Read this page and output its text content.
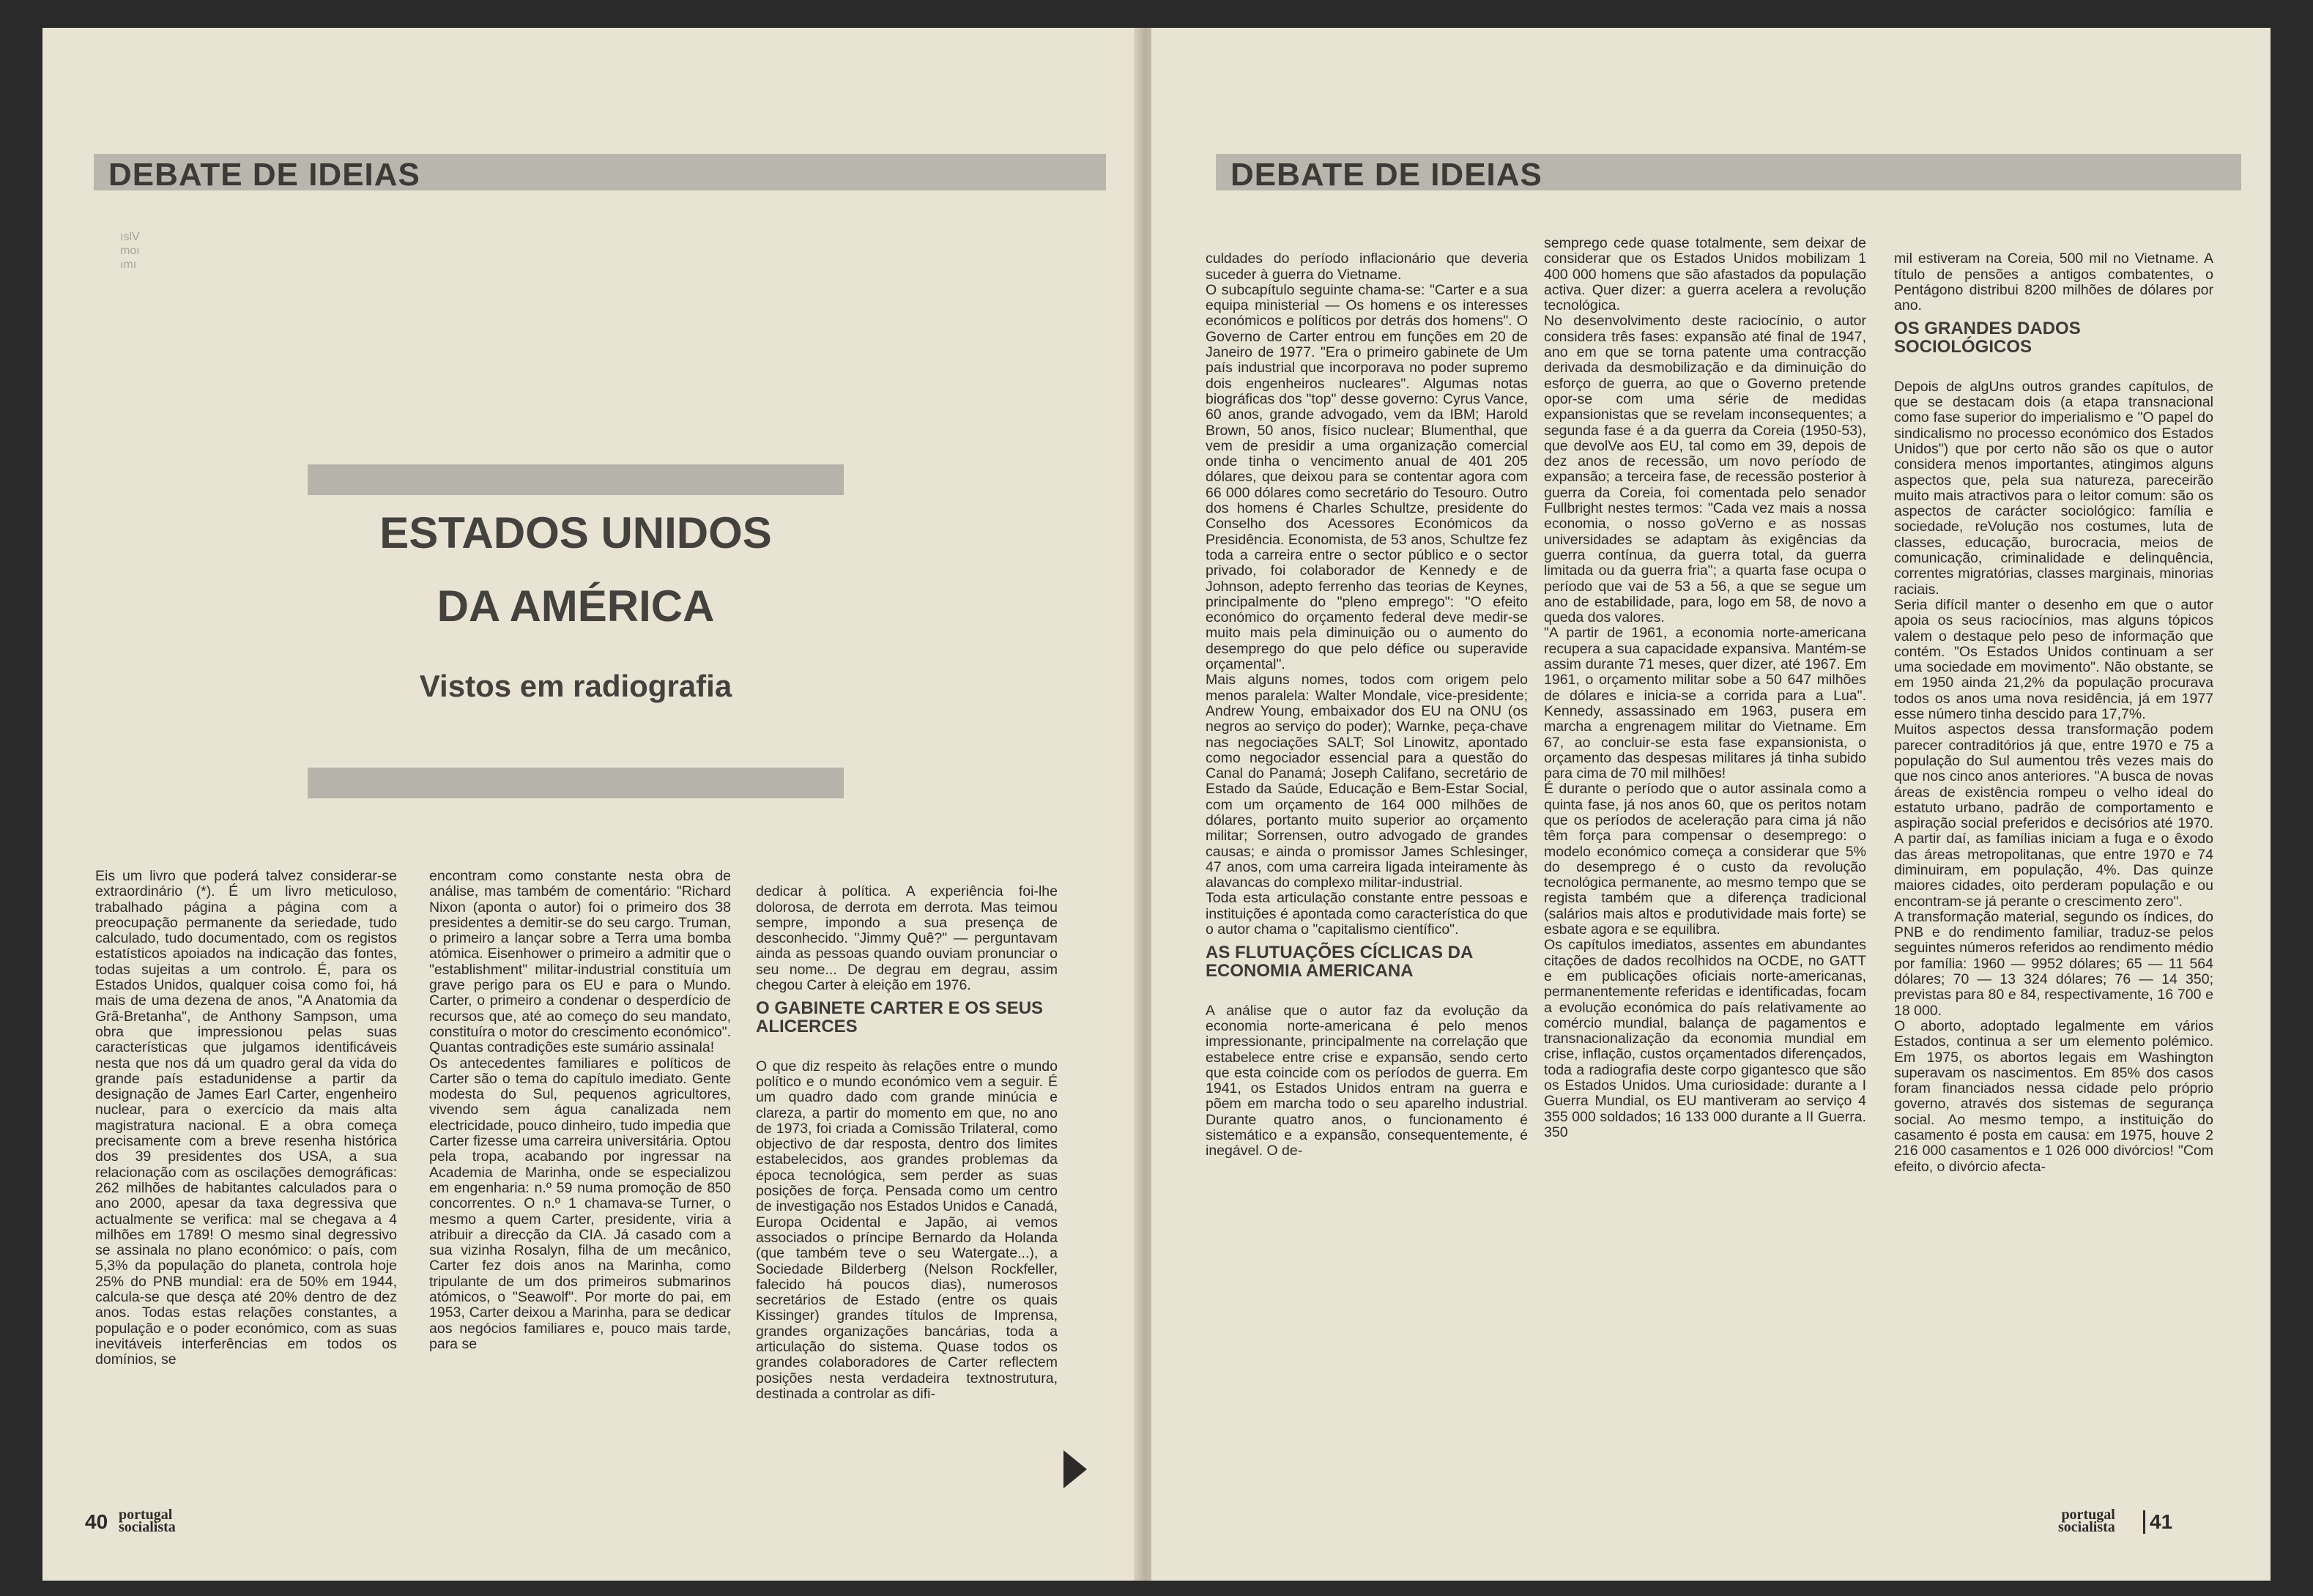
DEBATE DE IDEIAS
ıslV
moı
ımı
ESTADOS UNIDOS
DA AMÉRICA
Vistos em radiografia
Eis um livro que poderá talvez considerar-se extraordinário (*). É um livro meticuloso, trabalhado página a página com a preocupação permanente da seriedade, tudo calculado, tudo documentado, com os registos estatísticos apoiados na indicação das fontes, todas sujeitas a um controlo. É, para os Estados Unidos, qualquer coisa como foi, há mais de uma dezena de anos, "A Anatomia da Grã-Bretanha", de Anthony Sampson, uma obra que impressionou pelas suas características que julgamos identificáveis nesta que nos dá um quadro geral da vida do grande país estadunidense a partir da designação de James Earl Carter, engenheiro nuclear, para o exercício da mais alta magistratura nacional. E a obra começa precisamente com a breve resenha histórica dos 39 presidentes dos USA, a sua relacionação com as oscilações demográficas: 262 milhões de habitantes calculados para o ano 2000, apesar da taxa degressiva que actualmente se verifica: mal se chegava a 4 milhões em 1789! O mesmo sinal degressivo se assinala no plano económico: o país, com 5,3% da população do planeta, controla hoje 25% do PNB mundial: era de 50% em 1944, calcula-se que desça até 20% dentro de dez anos. Todas estas relações constantes, a população e o poder económico, com as suas inevitáveis interferências em todos os domínios, se
encontram como constante nesta obra de análise, mas também de comentário: "Richard Nixon (aponta o autor) foi o primeiro dos 38 presidentes a demitir-se do seu cargo. Truman, o primeiro a lançar sobre a Terra uma bomba atómica. Eisenhower o primeiro a admitir que o "establishment" militar-industrial constituía um grave perigo para os EU e para o Mundo. Carter, o primeiro a condenar o desperdício de recursos que, até ao começo do seu mandato, constituíra o motor do crescimento económico". Quantas contradições este sumário assinala!
Os antecedentes familiares e políticos de Carter são o tema do capítulo imediato. Gente modesta do Sul, pequenos agricultores, vivendo sem água canalizada nem electricidade, pouco dinheiro, tudo impedia que Carter fizesse uma carreira universitária. Optou pela tropa, acabando por ingressar na Academia de Marinha, onde se especializou em engenharia: n.º 59 numa promoção de 850 concorrentes. O n.º 1 chamava-se Turner, o mesmo a quem Carter, presidente, viria a atribuir a direcção da CIA. Já casado com a sua vizinha Rosalyn, filha de um mecânico, Carter fez dois anos na Marinha, como tripulante de um dos primeiros submarinos atómicos, o "Seawolf". Por morte do pai, em 1953, Carter deixou a Marinha, para se dedicar aos negócios familiares e, pouco mais tarde, para se

dedicar à política. A experiência foi-lhe dolorosa, de derrota em derrota. Mas teimou sempre, impondo a sua presença de desconhecido. "Jimmy Quê?" — perguntavam ainda as pessoas quando ouviam pronunciar o seu nome... De degrau em degrau, assim chegou Carter à eleição em 1976.

O GABINETE CARTER E OS SEUS ALICERCES

O que diz respeito às relações entre o mundo político e o mundo económico vem a seguir. É um quadro dado com grande minúcia e clareza, a partir do momento em que, no ano de 1973, foi criada a Comissão Trilateral, como objectivo de dar resposta, dentro dos limites estabelecidos, aos grandes problemas da época tecnológica, sem perder as suas posições de força. Pensada como um centro de investigação nos Estados Unidos e Canadá, Europa Ocidental e Japão, ai vemos associados o príncipe Bernardo da Holanda (que também teve o seu Watergate...), a Sociedade Bilderberg (Nelson Rockfeller, falecido há poucos dias), numerosos secretários de Estado (entre os quais Kissinger) grandes títulos de Imprensa, grandes organizações bancárias, toda a articulação do sistema. Quase todos os grandes colaboradores de Carter reflectem posições nesta verdadeira textnostrutura, destinada a controlar as difi-

40 portugal
socialista
DEBATE DE IDEIAS

culdades do período inflacionário que deveria suceder à guerra do Vietname.
O subcapítulo seguinte chama-se: "Carter e a sua equipa ministerial — Os homens e os interesses económicos e políticos por detrás dos homens". O Governo de Carter entrou em funções em 20 de Janeiro de 1977. "Era o primeiro gabinete de Um país industrial que incorporava no poder supremo dois engenheiros nucleares". Algumas notas biográficas dos "top" desse governo: Cyrus Vance, 60 anos, grande advogado, vem da IBM; Harold Brown, 50 anos, físico nuclear; Blumenthal, que vem de presidir a uma organização comercial onde tinha o vencimento anual de 401 205 dólares, que deixou para se contentar agora com 66 000 dólares como secretário do Tesouro. Outro dos homens é Charles Schultze, presidente do Conselho dos Acessores Económicos da Presidência. Economista, de 53 anos, Schultze fez toda a carreira entre o sector público e o sector privado, foi colaborador de Kennedy e de Johnson, adepto ferrenho das teorias de Keynes, principalmente do "pleno emprego": "O efeito económico do orçamento federal deve medir-se muito mais pela diminuição ou o aumento do desemprego do que pelo défice ou superavide orçamental".
Mais alguns nomes, todos com origem pelo menos paralela: Walter Mondale, vice-presidente; Andrew Young, embaixador dos EU na ONU (os negros ao serviço do poder); Warnke, peça-chave nas negociações SALT; Sol Linowitz, apontado como negociador essencial para a questão do Canal do Panamá; Joseph Califano, secretário de Estado da Saúde, Educação e Bem-Estar Social, com um orçamento de 164 000 milhões de dólares, portanto muito superior ao orçamento militar; Sorrensen, outro advogado de grandes causas; e ainda o promissor James Schlesinger, 47 anos, com uma carreira ligada inteiramente às alavancas do complexo militar-industrial.
Toda esta articulação constante entre pessoas e instituições é apontada como característica do que o autor chama o "capitalismo científico".

AS FLUTUAÇÕES CÍCLICAS DA ECONOMIA AMERICANA

A análise que o autor faz da evolução da economia norte-americana é pelo menos impressionante, principalmente na correlação que estabelece entre crise e expansão, sendo certo que esta coincide com os períodos de guerra. Em 1941, os Estados Unidos entram na guerra e põem em marcha todo o seu aparelho industrial. Durante quatro anos, o funcionamento é sistemático e a expansão, consequentemente, é inegável. O de-

semprego cede quase totalmente, sem deixar de considerar que os Estados Unidos mobilizam 1 400 000 homens que são afastados da população activa. Quer dizer: a guerra acelera a revolução tecnológica.
No desenvolvimento deste raciocínio, o autor considera três fases: expansão até final de 1947, ano em que se torna patente uma contracção derivada da desmobilização e da diminuição do esforço de guerra, ao que o Governo pretende opor-se com uma série de medidas expansionistas que se revelam inconsequentes; a segunda fase é a da guerra da Coreia (1950-53), que devolVe aos EU, tal como em 39, depois de dez anos de recessão, um novo período de expansão; a terceira fase, de recessão posterior à guerra da Coreia, foi comentada pelo senador Fullbright nestes termos: "Cada vez mais a nossa economia, o nosso goVerno e as nossas universidades se adaptam às exigências da guerra contínua, da guerra total, da guerra limitada ou da guerra fria"; a quarta fase ocupa o período que vai de 53 a 56, a que se segue um ano de estabilidade, para, logo em 58, de novo a queda dos valores.
"A partir de 1961, a economia norte-americana recupera a sua capacidade expansiva. Mantém-se assim durante 71 meses, quer dizer, até 1967. Em 1961, o orçamento militar sobe a 50 647 milhões de dólares e inicia-se a corrida para a Lua". Kennedy, assassinado em 1963, pusera em marcha a engrenagem militar do Vietname. Em 67, ao concluir-se esta fase expansionista, o orçamento das despesas militares já tinha subido para cima de 70 mil milhões!
É durante o período que o autor assinala como a quinta fase, já nos anos 60, que os peritos notam que os períodos de aceleração para cima já não têm força para compensar o desemprego: o modelo económico começa a considerar que 5% do desemprego é o custo da revolução tecnológica permanente, ao mesmo tempo que se regista também que a diferença tradicional (salários mais altos e produtividade mais forte) se esbate agora e se equilibra.
Os capítulos imediatos, assentes em abundantes citações de dados recolhidos na OCDE, no GATT e em publicações oficiais norte-americanas, permanentemente referidas e identificadas, focam a evolução económica do país relativamente ao comércio mundial, balança de pagamentos e transnacionalização da economia mundial em crise, inflação, custos orçamentados diferençados, toda a radiografia deste corpo gigantesco que são os Estados Unidos. Uma curiosidade: durante a I Guerra Mundial, os EU mantiveram ao serviço 4 355 000 soldados; 16 133 000 durante a II Guerra. 350

mil estiveram na Coreia, 500 mil no Vietname. A título de pensões a antigos combatentes, o Pentágono distribui 8200 milhões de dólares por ano.

OS GRANDES DADOS SOCIOLÓGICOS

Depois de algUns outros grandes capítulos, de que se destacam dois (a etapa transnacional como fase superior do imperialismo e "O papel do sindicalismo no processo económico dos Estados Unidos") que por certo não são os que o autor considera menos importantes, atingimos alguns aspectos que, pela sua natureza, pareceirão muito mais atractivos para o leitor comum: são os aspectos de carácter sociológico: família e sociedade, reVolução nos costumes, luta de classes, educação, burocracia, meios de comunicação, criminalidade e delinquência, correntes migratórias, classes marginais, minorias raciais.
Seria difícil manter o desenho em que o autor apoia os seus raciocínios, mas alguns tópicos valem o destaque pelo peso de informação que contém. "Os Estados Unidos continuam a ser uma sociedade em movimento". Não obstante, se em 1950 ainda 21,2% da população procurava todos os anos uma nova residência, já em 1977 esse número tinha descido para 17,7%.
Muitos aspectos dessa transformação podem parecer contraditórios já que, entre 1970 e 75 a população do Sul aumentou três vezes mais do que nos cinco anos anteriores. "A busca de novas áreas de existência rompeu o velho ideal do estatuto urbano, padrão de comportamento e aspiração social preferidos e decisórios até 1970. A partir daí, as famílias iniciam a fuga e o êxodo das áreas metropolitanas, que entre 1970 e 74 diminuiram, em população, 4%. Das quinze maiores cidades, oito perderam população e ou encontram-se já perante o crescimento zero".
A transformação material, segundo os índices, do PNB e do rendimento familiar, traduz-se pelos seguintes números referidos ao rendimento médio por família: 1960 — 9952 dólares; 65 — 11 564 dólares; 70 — 13 324 dólares; 76 — 14 350; previstas para 80 e 84, respectivamente, 16 700 e 18 000.
O aborto, adoptado legalmente em vários Estados, continua a ser um elemento polémico. Em 1975, os abortos legais em Washington superavam os nascimentos. Em 85% dos casos foram financiados nessa cidade pelo próprio governo, através dos sistemas de segurança social. Ao mesmo tempo, a instituição do casamento é posta em causa: em 1975, houve 2 216 000 casamentos e 1 026 000 divórcios! "Com efeito, o divórcio afecta-

portugal
socialista	41
